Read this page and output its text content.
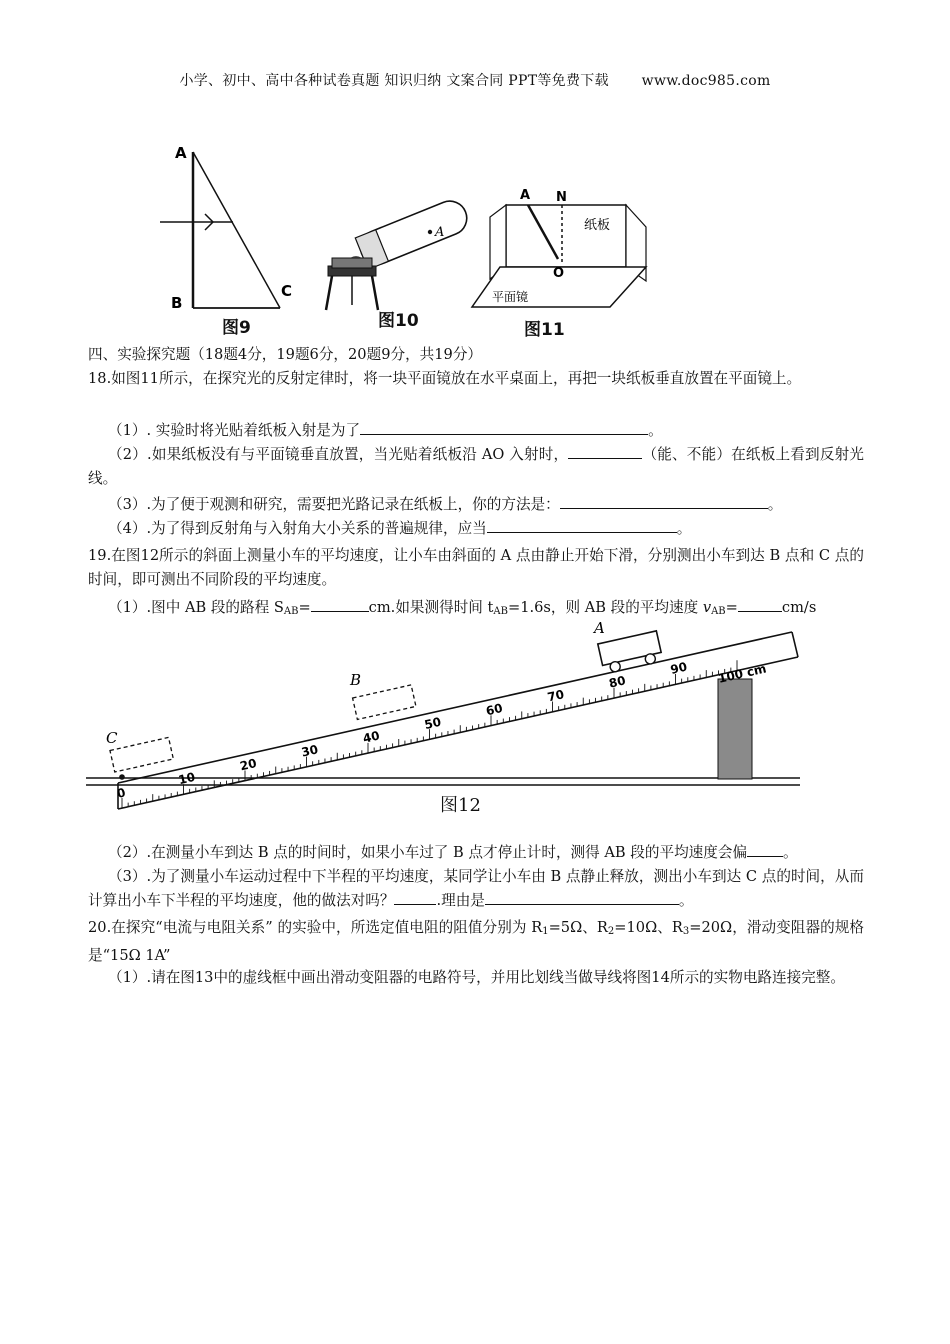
小学、初中、高中各种试卷真题 知识归纳 文案合同 PPT等免费下载 www.doc985.com
A
B
C
图9
A
图10
A N
O
纸板
平面镜
图11
四、实验探究题（18题4分，19题6分，20题9分，共19分）
18.如图11所示，在探究光的反射定律时，将一块平面镜放在水平桌面上，再把一块纸板垂直放置在平面镜上。
（1）. 实验时将光贴着纸板入射是为了	。
（2）.如果纸板没有与平面镜垂直放置，当光贴着纸板沿 AO 入射时，	（能、不能）在纸板上看到反射光线。
（3）.为了便于观测和研究，需要把光路记录在纸板上，你的方法是：	。
（4）.为了得到反射角与入射角大小关系的普遍规律，应当	。
19.在图12所示的斜面上测量小车的平均速度，让小车由斜面的 A 点由静止开始下滑，分别测出小车到达 B 点和 C 点的时间，即可测出不同阶段的平均速度。
（1）.图中 AB 段的路程 $S_{AB}=$	cm.如果测得时间 $t_{AB}=1.6s$，则 AB 段的平均速度 $v_{AB}=$	cm/s
0
10
20
30
40
50
60
70
80
90
C
B
A
100 cm
图12
（2）.在测量小车到达 B 点的时间时，如果小车过了 B 点才停止计时，测得 AB 段的平均速度会偏 。
（3）.为了测量小车运动过程中下半程的平均速度，某同学让小车由 B 点静止释放，测出小车到达 C 点的时间，从而计算出小车下半程的平均速度，他的做法对吗？	.理由是	。
20.在探究“电流与电阻关系” 的实验中，所选定值电阻的阻值分别为 $R_1=5\Omega$、$R_2=10\Omega$、$R_3=20\Omega$，滑动变阻器的规格是“15Ω 1A”
（1）.请在图13中的虚线框中画出滑动变阻器的电路符号，并用比划线当做导线将图14所示的实物电路连接完整。
